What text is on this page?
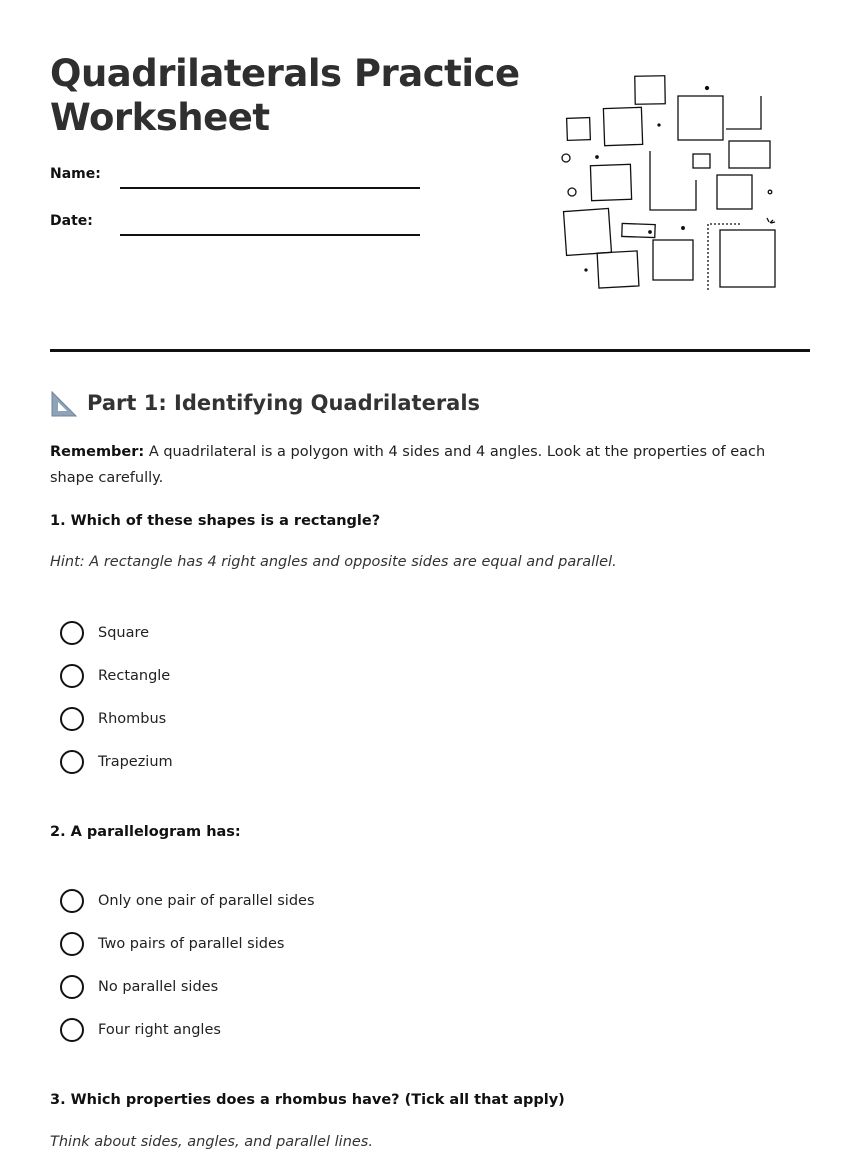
Quadrilaterals Practice Worksheet
Name:
Date:
Part 1: Identifying Quadrilaterals

Remember: A quadrilateral is a polygon with 4 sides and 4 angles. Look at the properties of each shape carefully.

1. Which of these shapes is a rectangle?
Hint: A rectangle has 4 right angles and opposite sides are equal and parallel.
Square
Rectangle
Rhombus
Trapezium
2. A parallelogram has:
Only one pair of parallel sides
Two pairs of parallel sides
No parallel sides
Four right angles
3. Which properties does a rhombus have? (Tick all that apply)
Think about sides, angles, and parallel lines.
